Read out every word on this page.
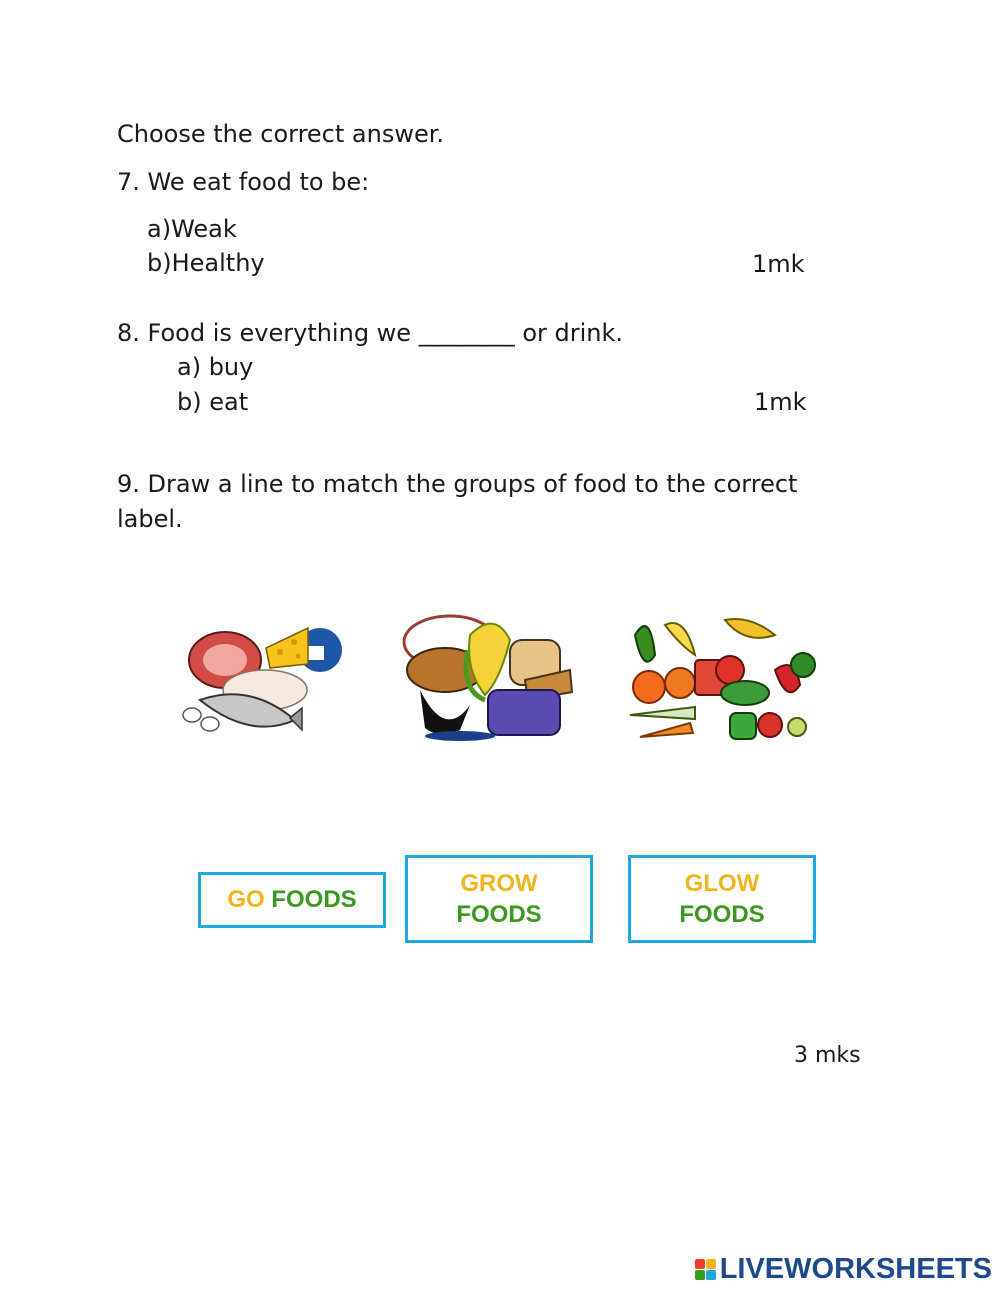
Choose the correct answer.
7. We eat food to be:
a)Weak
b)Healthy	1mk
8. Food is everything we ________ or drink.
a) buy
b) eat	1mk
9. Draw a line to match the groups of food to the correct
label.
GO FOODS
GROW
FOODS
GLOW
FOODS
3 mks
LIVEWORKSHEETS
